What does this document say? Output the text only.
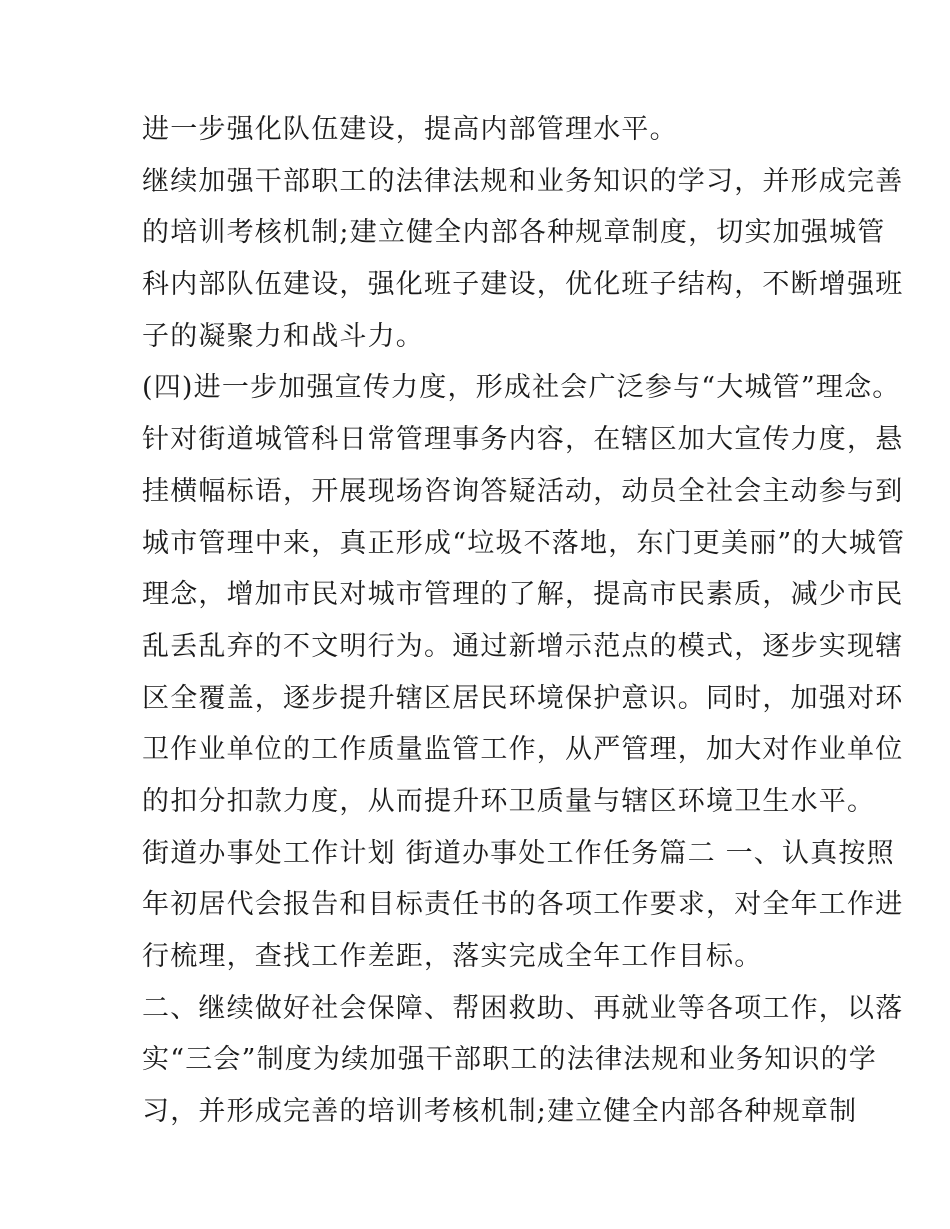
进一步强化队伍建设，提高内部管理水平。
继续加强干部职工的法律法规和业务知识的学习，并形成完善
的培训考核机制;建立健全内部各种规章制度，切实加强城管
科内部队伍建设，强化班子建设，优化班子结构，不断增强班
子的凝聚力和战斗力。
(四)进一步加强宣传力度，形成社会广泛参与“大城管”理念。
针对街道城管科日常管理事务内容，在辖区加大宣传力度，悬
挂横幅标语，开展现场咨询答疑活动，动员全社会主动参与到
城市管理中来，真正形成“垃圾不落地，东门更美丽”的大城管
理念，增加市民对城市管理的了解，提高市民素质，减少市民
乱丢乱弃的不文明行为。通过新增示范点的模式，逐步实现辖
区全覆盖，逐步提升辖区居民环境保护意识。同时，加强对环
卫作业单位的工作质量监管工作，从严管理，加大对作业单位
的扣分扣款力度，从而提升环卫质量与辖区环境卫生水平。
街道办事处工作计划 街道办事处工作任务篇二 一、认真按照
年初居代会报告和目标责任书的各项工作要求，对全年工作进
行梳理，查找工作差距，落实完成全年工作目标。
二、继续做好社会保障、帮困救助、再就业等各项工作，以落
实“三会”制度为续加强干部职工的法律法规和业务知识的学
习，并形成完善的培训考核机制;建立健全内部各种规章制
